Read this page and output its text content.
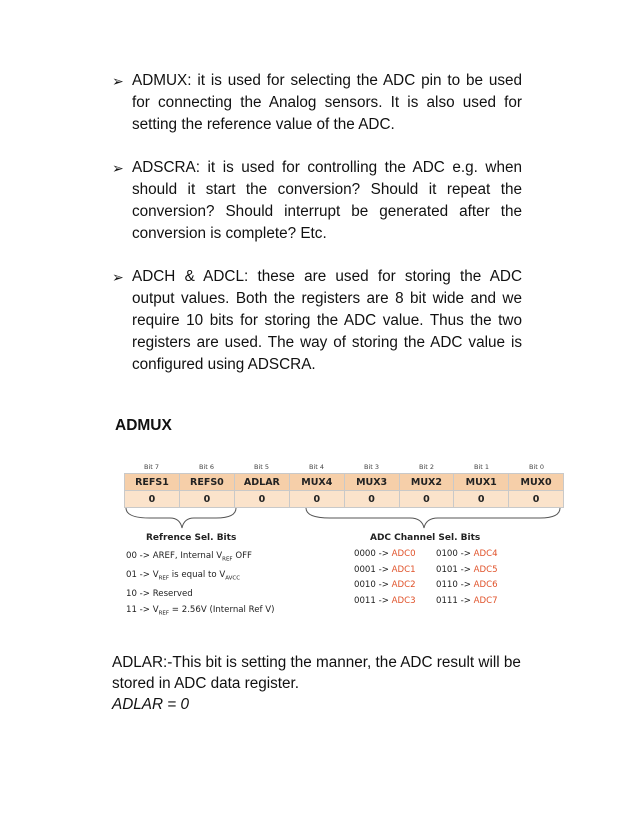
➢ ADMUX: it is used for selecting the ADC pin to be used for connecting the Analog sensors. It is also used for setting the reference value of the ADC.
➢ ADSCRA: it is used for controlling the ADC e.g. when should it start the conversion? Should it repeat the conversion? Should interrupt be generated after the conversion is complete? Etc.
➢ ADCH & ADCL: these are used for storing the ADC output values. Both the registers are 8 bit wide and we require 10 bits for storing the ADC value. Thus the two registers are used. The way of storing the ADC value is configured using ADSCRA.
ADMUX
Bit 7	Bit 6	Bit 5	Bit 4	Bit 3	Bit 2	Bit 1	Bit 0
REFS1	REFS0	ADLAR	MUX4	MUX3	MUX2	MUX1	MUX0
0	0	0	0	0	0	0	0
Refrence Sel. Bits
00 -> AREF, Internal $V_{REF}$ OFF
$01 -> V_{REF}$ is equal to $V_{AVCC}$
10 -> Reserved
$11 -> V_{REF} = 2.56V$ (Internal Ref V)
ADC Channel Sel. Bits
0000 -> ADC0	0100 -> ADC4
0001 -> ADC1	0101 -> ADC5
0010 -> ADC2	0110 -> ADC6
0011 -> ADC3	0111 -> ADC7

ADLAR:-This bit is setting the manner, the ADC result will be stored in ADC data register.

ADLAR = 0
